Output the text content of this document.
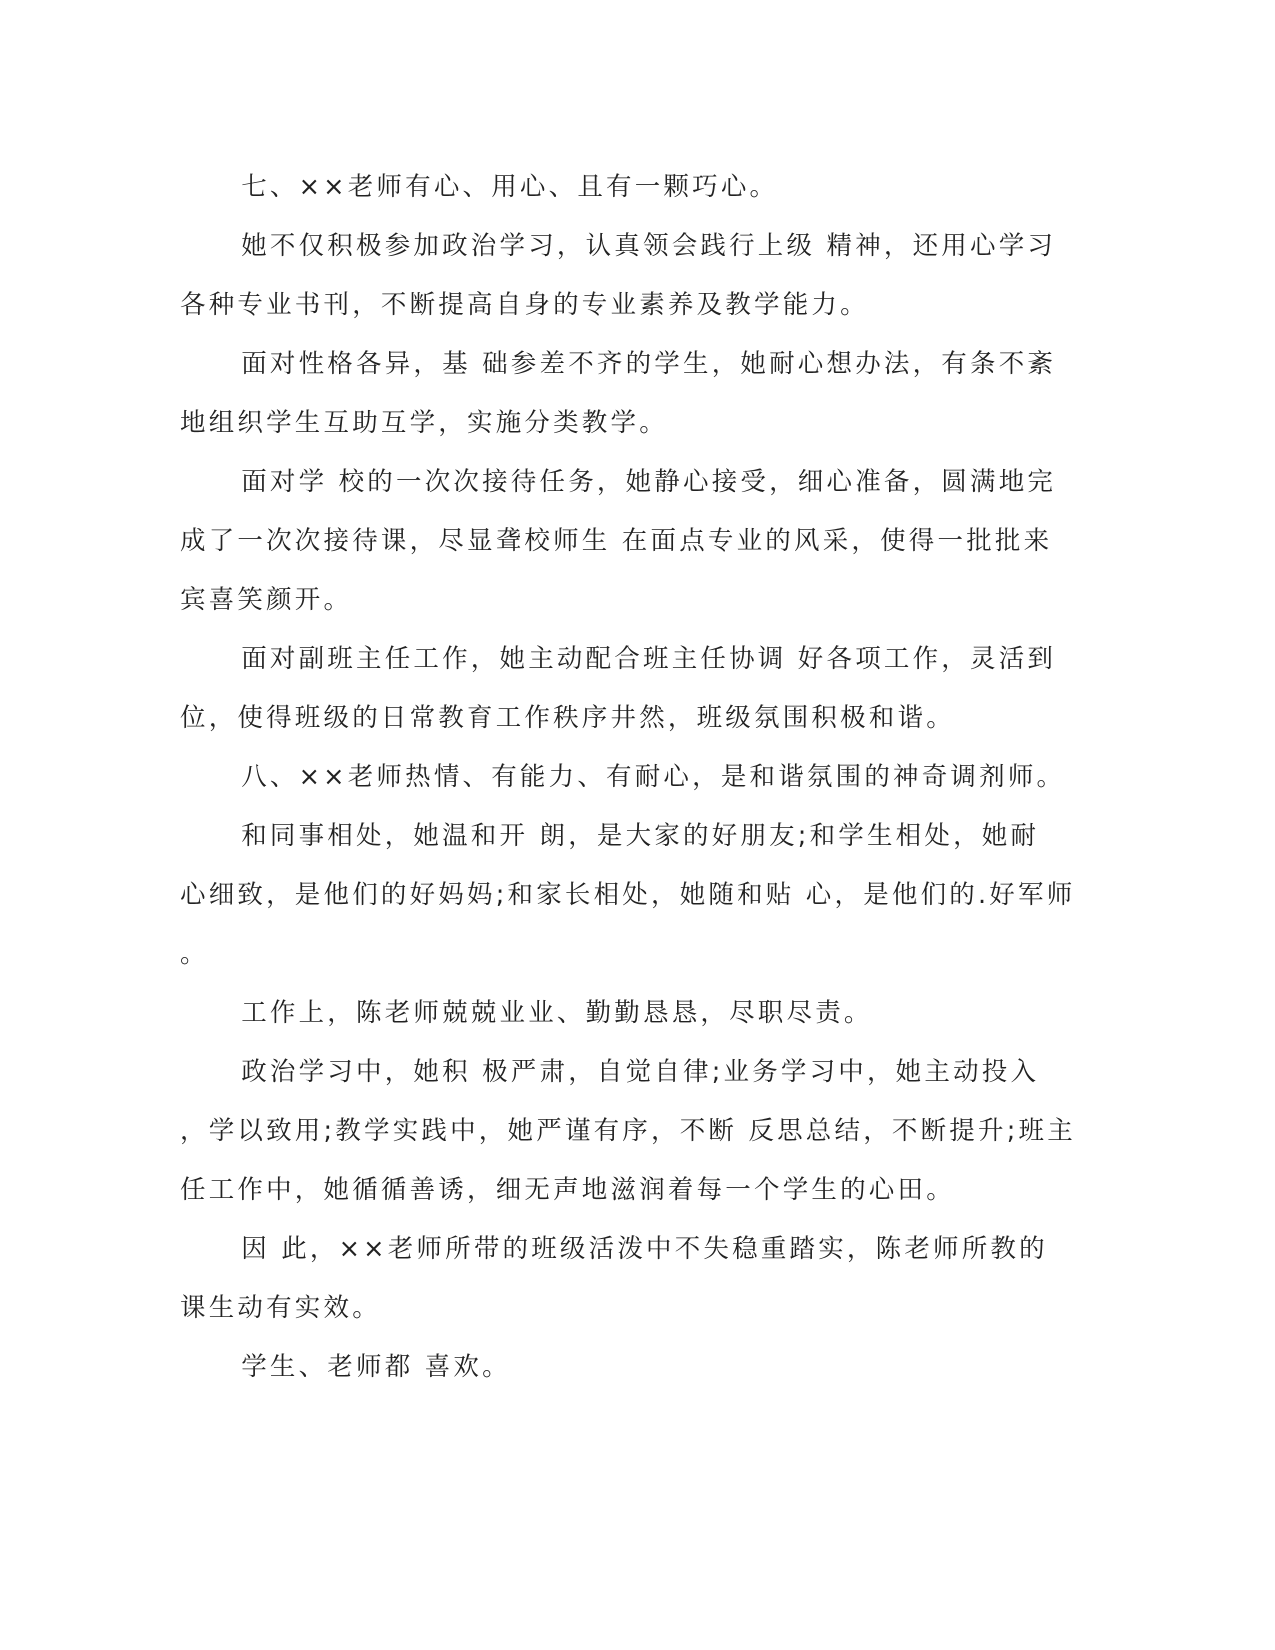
七、××老师有心、用心、且有一颗巧心。

她不仅积极参加政治学习，认真领会践行上级 精神，还用心学习

各种专业书刊，不断提高自身的专业素养及教学能力。

面对性格各异，基 础参差不齐的学生，她耐心想办法，有条不紊

地组织学生互助互学，实施分类教学。

面对学 校的一次次接待任务，她静心接受，细心准备，圆满地完

成了一次次接待课，尽显聋校师生 在面点专业的风采，使得一批批来

宾喜笑颜开。

面对副班主任工作，她主动配合班主任协调 好各项工作，灵活到

位，使得班级的日常教育工作秩序井然，班级氛围积极和谐。

八、××老师热情、有能力、有耐心，是和谐氛围的神奇调剂师。

和同事相处，她温和开 朗，是大家的好朋友;和学生相处，她耐

心细致，是他们的好妈妈;和家长相处，她随和贴 心，是他们的.好军师

。

工作上，陈老师兢兢业业、勤勤恳恳，尽职尽责。

政治学习中，她积 极严肃，自觉自律;业务学习中，她主动投入

，学以致用;教学实践中，她严谨有序，不断 反思总结，不断提升;班主

任工作中，她循循善诱，细无声地滋润着每一个学生的心田。

因 此，××老师所带的班级活泼中不失稳重踏实，陈老师所教的

课生动有实效。

学生、老师都 喜欢。
